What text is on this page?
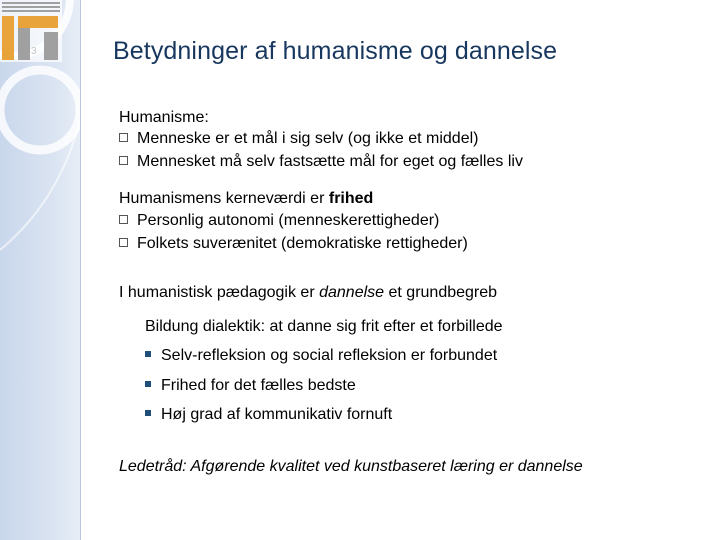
Betydninger af humanisme og dannelse
Humanisme:
Menneske er et mål i sig selv (og ikke et middel)
Mennesket må selv fastsætte mål for eget og fælles liv
Humanismens kerneværdi er frihed
Personlig autonomi (menneskerettigheder)
Folkets suverænitet (demokratiske rettigheder)
I humanistisk pædagogik er dannelse et grundbegreb
Bildung dialektik: at danne sig frit efter et forbillede
Selv-refleksion og social refleksion er forbundet
Frihed for det fælles bedste
Høj grad af kommunikativ fornuft
Ledetråd: Afgørende kvalitet ved kunstbaseret læring er dannelse
